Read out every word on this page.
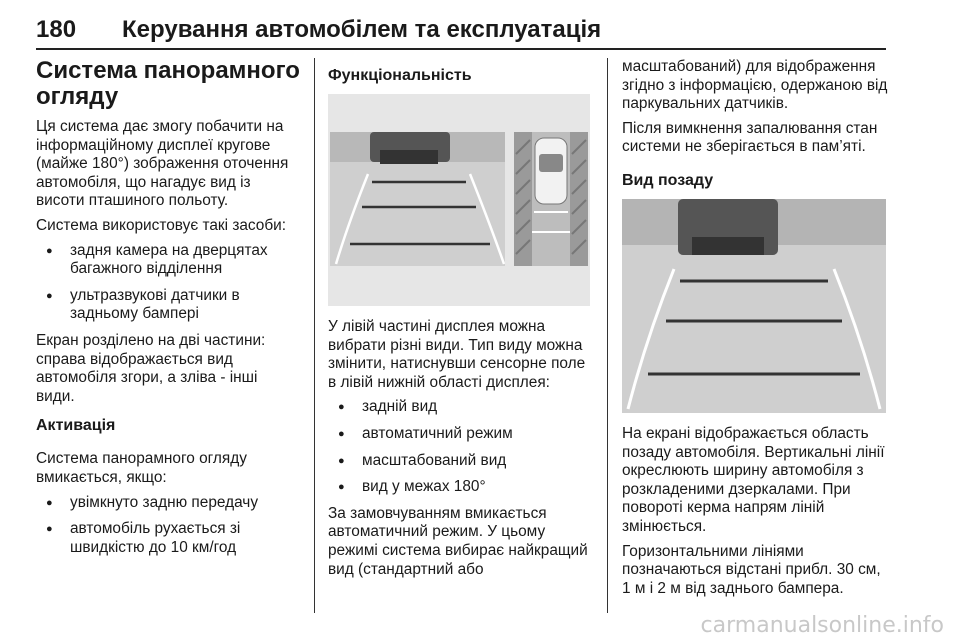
180 Керування автомобілем та експлуатація
Система панорамного огляду

Ця система дає змогу побачити на інформаційному дисплеї кругове (майже 180°) зображення оточення автомобіля, що нагадує вид із висоти пташиного польоту.

Система використовує такі засоби:

● задня камера на дверцятах багажного відділення
● ультразвукові датчики в задньому бампері

Екран розділено на дві частини: справа відображається вид автомобіля згори, а зліва - інші види.

Активація

Система панорамного огляду вмикається, якщо:

● увімкнуто задню передачу
● автомобіль рухається зі швидкістю до 10 км/год
Функціональність

У лівій частині дисплея можна вибрати різні види. Тип виду можна змінити, натиснувши сенсорне поле в лівій нижній області дисплея:

● задній вид
● автоматичний режим
● масштабований вид
● вид у межах 180°

За замовчуванням вмикається автоматичний режим. У цьому режимі система вибирає найкращий вид (стандартний або

масштабований) для відображення згідно з інформацією, одержаною від паркувальних датчиків.

Після вимкнення запалювання стан системи не зберігається в пам’яті.

Вид позаду

На екрані відображається область позаду автомобіля. Вертикальні лінії окреслюють ширину автомобіля з розкладеними дзеркалами. При повороті керма напрям ліній змінюється.

Горизонтальними лініями позначаються відстані прибл. 30 см, 1 м і 2 м від заднього бампера.

carmanualsonline.info
